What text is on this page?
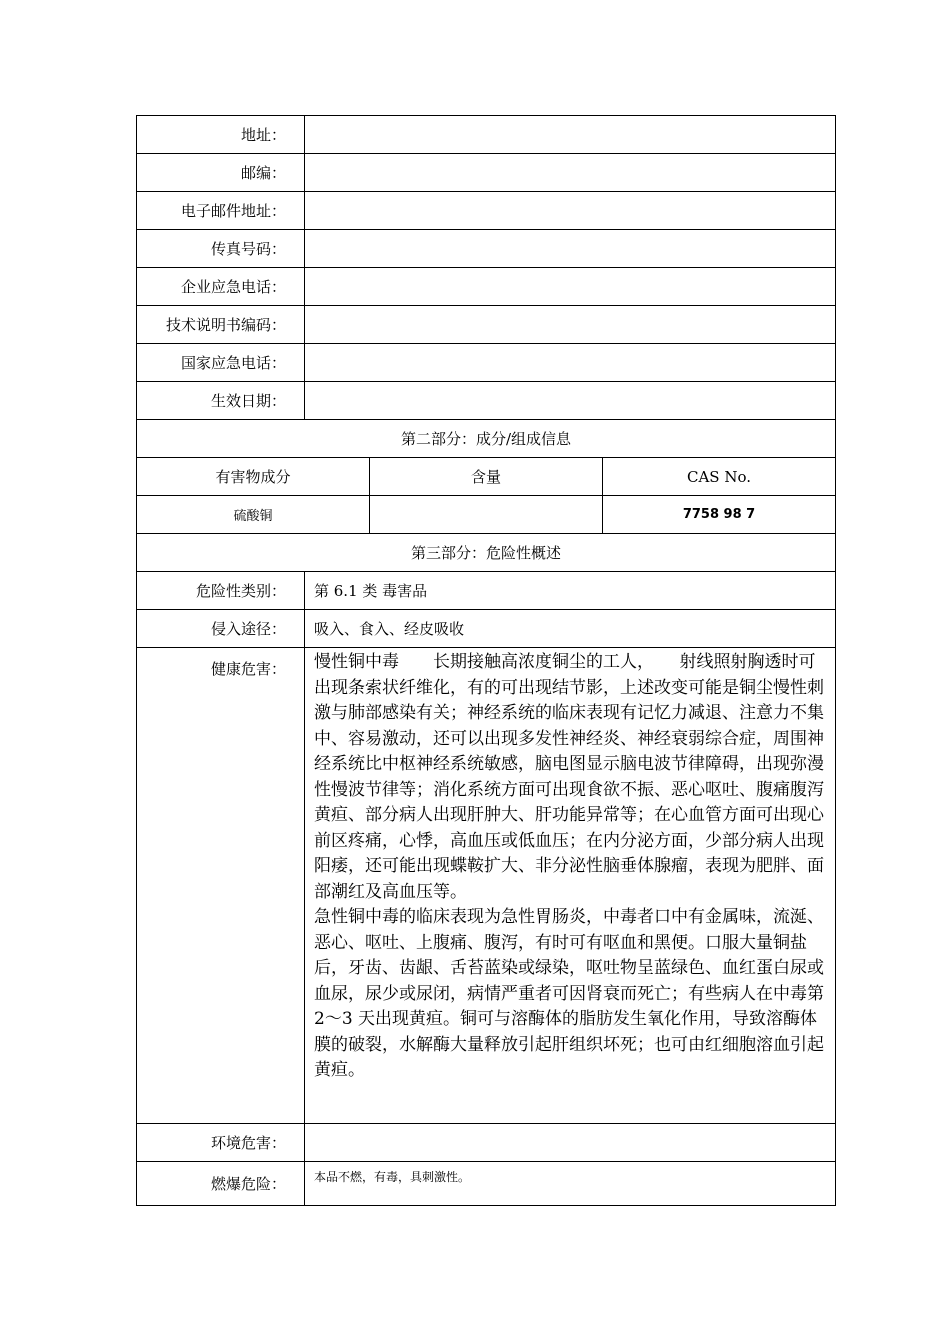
地址：			
邮编：			
电子邮件地址：			
传真号码：			
企业应急电话：			
技术说明书编码：			
国家应急电话：			
生效日期：			
第二部分：成分/组成信息			
有害物成分		含量	CAS No.
硫酸铜			7758 98 7
第三部分：危险性概述			
危险性类别：	第 6.1 类 毒害品		
侵入途径：	吸入、食入、经皮吸收		
健康危害：	慢性铜中毒　　长期接触高浓度铜尘的工人，　　射线照射胸透时可出现条索状纤维化，有的可出现结节影，上述改变可能是铜尘慢性刺激与肺部感染有关；神经系统的临床表现有记忆力减退、注意力不集中、容易激动，还可以出现多发性神经炎、神经衰弱综合症，周围神经系统比中枢神经系统敏感，脑电图显示脑电波节律障碍，出现弥漫性慢波节律等；消化系统方面可出现食欲不振、恶心呕吐、腹痛腹泻黄疸、部分病人出现肝肿大、肝功能异常等；在心血管方面可出现心前区疼痛，心悸，高血压或低血压；在内分泌方面，少部分病人出现阳痿，还可能出现蝶鞍扩大、非分泌性脑垂体腺瘤，表现为肥胖、面部潮红及高血压等。

急性铜中毒的临床表现为急性胃肠炎，中毒者口中有金属味，流涎、恶心、呕吐、上腹痛、腹泻，有时可有呕血和黑便。口服大量铜盐后，牙齿、齿龈、舌苔蓝染或绿染，呕吐物呈蓝绿色、血红蛋白尿或血尿，尿少或尿闭，病情严重者可因肾衰而死亡；有些病人在中毒第 2～3 天出现黄疸。铜可与溶酶体的脂肪发生氧化作用，导致溶酶体膜的破裂，水解酶大量释放引起肝组织坏死；也可由红细胞溶血引起黄疸。		

环境危害：			
燃爆危险：	本品不燃，有毒，具刺激性。		
